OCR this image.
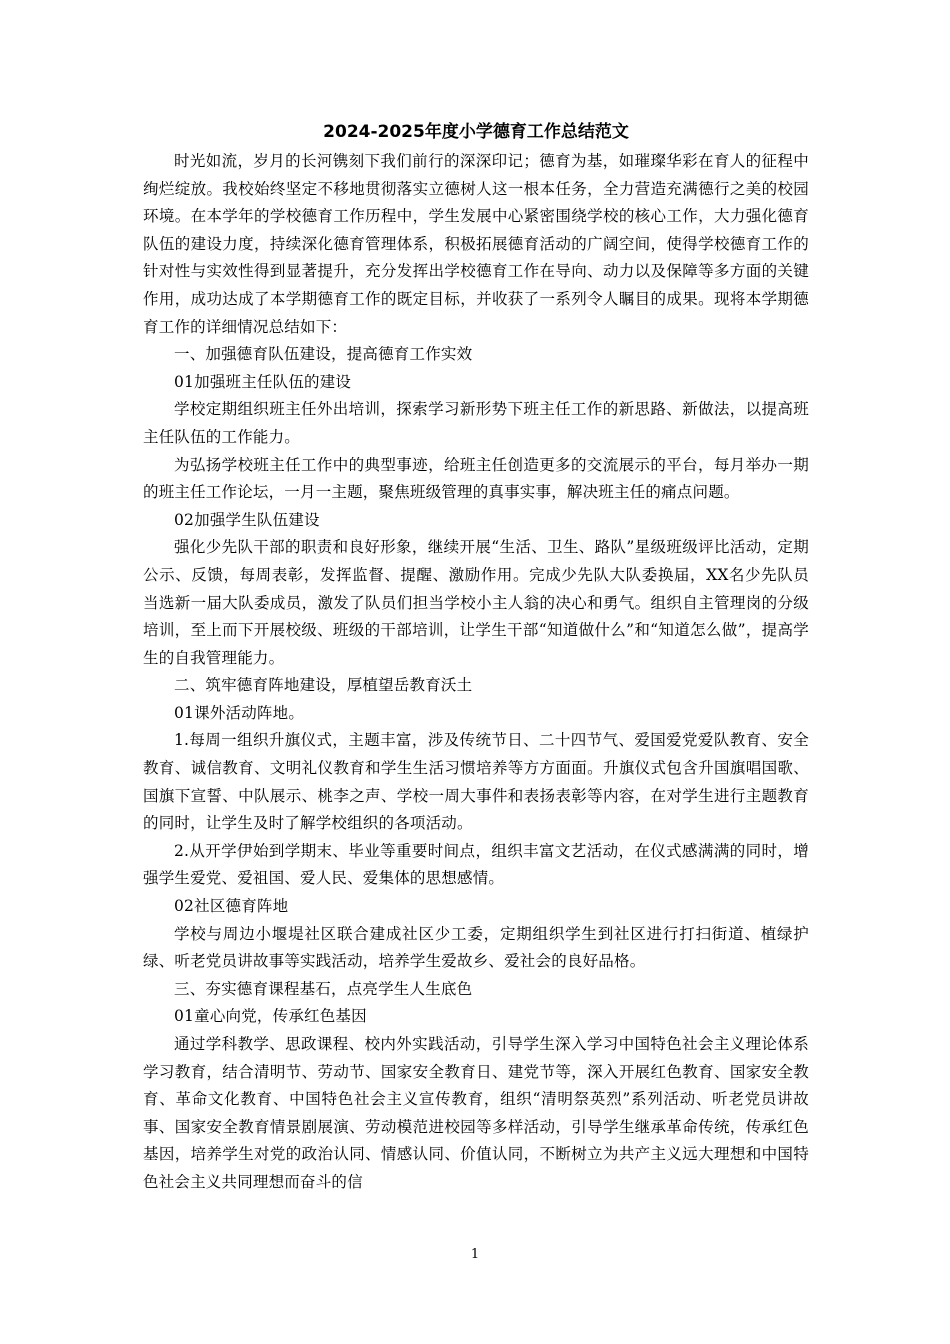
2024-2025年度小学德育工作总结范文

时光如流，岁月的长河镌刻下我们前行的深深印记；德育为基，如璀璨华彩在育人的征程中绚烂绽放。我校始终坚定不移地贯彻落实立德树人这一根本任务，全力营造充满德行之美的校园环境。在本学年的学校德育工作历程中，学生发展中心紧密围绕学校的核心工作，大力强化德育队伍的建设力度，持续深化德育管理体系，积极拓展德育活动的广阔空间，使得学校德育工作的针对性与实效性得到显著提升，充分发挥出学校德育工作在导向、动力以及保障等多方面的关键作用，成功达成了本学期德育工作的既定目标，并收获了一系列令人瞩目的成果。现将本学期德育工作的详细情况总结如下：

一、加强德育队伍建设，提高德育工作实效

01加强班主任队伍的建设

学校定期组织班主任外出培训，探索学习新形势下班主任工作的新思路、新做法，以提高班主任队伍的工作能力。

为弘扬学校班主任工作中的典型事迹，给班主任创造更多的交流展示的平台，每月举办一期的班主任工作论坛，一月一主题，聚焦班级管理的真事实事，解决班主任的痛点问题。

02加强学生队伍建设

强化少先队干部的职责和良好形象，继续开展“生活、卫生、路队”星级班级评比活动，定期公示、反馈，每周表彰，发挥监督、提醒、激励作用。完成少先队大队委换届，XX名少先队员当选新一届大队委成员，激发了队员们担当学校小主人翁的决心和勇气。组织自主管理岗的分级培训，至上而下开展校级、班级的干部培训，让学生干部“知道做什么”和“知道怎么做”，提高学生的自我管理能力。

二、筑牢德育阵地建设，厚植望岳教育沃土

01课外活动阵地。

1.每周一组织升旗仪式，主题丰富，涉及传统节日、二十四节气、爱国爱党爱队教育、安全教育、诚信教育、文明礼仪教育和学生生活习惯培养等方方面面。升旗仪式包含升国旗唱国歌、国旗下宣誓、中队展示、桃李之声、学校一周大事件和表扬表彰等内容，在对学生进行主题教育的同时，让学生及时了解学校组织的各项活动。

2.从开学伊始到学期末、毕业等重要时间点，组织丰富文艺活动，在仪式感满满的同时，增强学生爱党、爱祖国、爱人民、爱集体的思想感情。

02社区德育阵地

学校与周边小堰堤社区联合建成社区少工委，定期组织学生到社区进行打扫街道、植绿护绿、听老党员讲故事等实践活动，培养学生爱故乡、爱社会的良好品格。

三、夯实德育课程基石，点亮学生人生底色

01童心向党，传承红色基因

通过学科教学、思政课程、校内外实践活动，引导学生深入学习中国特色社会主义理论体系学习教育，结合清明节、劳动节、国家安全教育日、建党节等，深入开展红色教育、国家安全教育、革命文化教育、中国特色社会主义宣传教育，组织“清明祭英烈”系列活动、听老党员讲故事、国家安全教育情景剧展演、劳动模范进校园等多样活动，引导学生继承革命传统，传承红色基因，培养学生对党的政治认同、情感认同、价值认同，不断树立为共产主义远大理想和中国特色社会主义共同理想而奋斗的信

1
